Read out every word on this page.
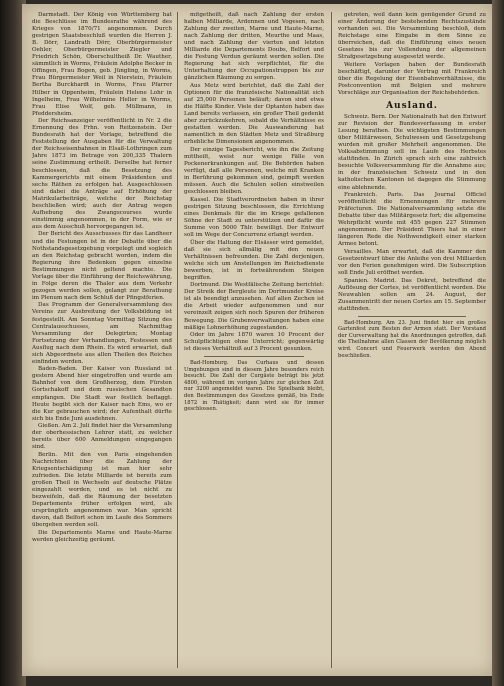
Darmstadt. Der König von Württemberg hat die Beschlüsse im Bundesrathe während des Krieges von 1870/71 angenommen. Durch gestrigen Staatsbeschluß wurden die Herren J. B. Dörr, Landrath Dörr, Oberbürgermeister Oehler, Oberbürgermeister Ziegler und Friedrich Schön, Oberschultheiß Dr. Wauther, sämmtlich in Worms, Fräulein Adolphe Becker in Offingen, Frau Bogen, geb. Jüngling, in Worms, Frau Bürgermeister Weil in Nierstein, Fräulein Bertha Burckhardt in Worms, Frau Pfarrer Hilber in Oppenheim, Fräulein Helene Lohr in Ingelheim, Frau Wilhelmine Heller in Worms, Frau Elise Wolf, geb. Müllmann, in Pfeddersheim.

Der Reichsanzeiger veröffentlicht in Nr. 2 die Ernennung des Frhn. von Reitzenstein. Der Bundesrath hat der Vorlage, betreffend die Feststellung der Ausgaben für die Verwaltung der Reichseisenbahnen in Elsaß-Lothringen zum Jahre 1873 im Betrage von 200,335 Thalern seine Zustimmung ertheilt. Derselbe hat ferner beschlossen, daß die Besetzung des Kammergerichts mit einem Präsidenten und sechs Räthen zu erfolgen hat. Ausgeschlossen sind dabei die Anträge auf Erhöhung der Matrikularbeiträge, welche der Reichstag beschließen wird; auch der Antrag wegen Aufhebung des Zwangscourses wurde einstimmig angenommen, in der Form, wie er aus dem Ausschuß hervorgegangen ist.

Der Bericht des Ausschusses für das Landheer und die Festungen ist in der Debatte über die Nothstandsgesetzgebung vorgelegt und sogleich an den Reichstag gebracht worden, indem die Regierung ihre Bedenken gegen einzelne Bestimmungen nicht geltend machte. Die Vorlage über die Einführung der Reichswährung, in Folge deren die Thaler aus dem Verkehr gezogen werden sollen, gelangt zur Berathung im Plenum nach dem Schluß der Pfingstferien.

Das Programm der Generalversammlung des Vereins zur Ausbreitung der Volksbildung ist festgestellt. Am Sonntag Vormittag Sitzung des Centralausschusses, am Nachmittag Versammlung der Delegirten; Montag Fortsetzung der Verhandlungen, Festessen und Ausflug nach dem Rhein. Es wird erwartet, daß sich Abgeordnete aus allen Theilen des Reiches einfinden werden.

Baden-Baden. Der Kaiser von Russland ist gestern Abend hier eingetroffen und wurde am Bahnhof von dem Großherzog, dem Fürsten Gortschakoff und dem russischen Gesandten empfangen. Die Stadt war festlich beflaggt. Heute begibt sich der Kaiser nach Ems, wo er die Kur gebrauchen wird; der Aufenthalt dürfte sich bis Ende Juni ausdehnen.

Gießen. Am 2. Juli findet hier die Versammlung der oberhessischen Lehrer statt, zu welcher bereits über 600 Anmeldungen eingegangen sind.

Berlin. Mit den von Paris eingehenden Nachrichten über die Zahlung der Kriegsentschädigung ist man hier sehr zufrieden. Die letzte Milliarde ist bereits zum großen Theil in Wechseln auf deutsche Plätze eingezahlt worden, und es ist nicht zu bezweifeln, daß die Räumung der besetzten Departements früher erfolgen wird, als ursprünglich angenommen war. Man spricht davon, daß Belfort schon im Laufe des Sommers übergeben werden soll.

Die Departements Marne und Haute-Marne werden gleichzeitig geräumt.

mitgetheilt, daß nach Zahlung der ersten halben Milliarde, Ardennen und Vogesen, nach Zahlung der zweiten, Marne und Haute-Marne, nach Zahlung der dritten, Meurthe und Maas, und nach Zahlung der vierten und letzten Milliarde die Departements Doubs, Belfort und die Festung Verdun geräumt werden sollen. Die Regierung hat sich verpflichtet, für die Unterhaltung der Occupationstruppen bis zur gänzlichen Räumung zu sorgen.

Aus Metz wird berichtet, daß die Zahl der Optionen für die französische Nationalität sich auf 25,000 Personen beläuft; davon sind etwa die Hälfte Kinder. Viele der Optanten haben das Land bereits verlassen, ein großer Theil gedenkt aber zurückzukehren, sobald die Verhältnisse es gestatten werden. Die Auswanderung hat namentlich in den Städten Metz und Straßburg erhebliche Dimensionen angenommen.

Der einzige Tagesbericht, wie ihn die Zeitung mittheilt, weist nur wenige Fälle von Pockenerkrankungen auf. Die Behörden haben verfügt, daß alle Personen, welche mit Kranken in Berührung gekommen sind, geimpft werden müssen. Auch die Schulen sollen einstweilen geschlossen bleiben.

Kassel. Die Stadtverordneten haben in ihrer gestrigen Sitzung beschlossen, die Errichtung eines Denkmals für die im Kriege gefallenen Söhne der Stadt zu unterstützen und dafür die Summe von 5000 Thlr. bewilligt. Der Entwurf soll im Wege der Concurrenz erlangt werden.

Über die Haltung der Elsässer wird gemeldet, daß sie sich allmälig mit den neuen Verhältnissen befreunden. Die Zahl derjenigen, welche sich um Anstellungen im Reichsdienste bewerben, ist in fortwährendem Steigen begriffen.

Dortmund. Die Westfälische Zeitung berichtet: Der Streik der Bergleute im Dortmunder Kreise ist als beendigt anzusehen. Auf allen Zechen ist die Arbeit wieder aufgenommen und nur vereinzelt zeigen sich noch Spuren der früheren Bewegung. Die Grubenverwaltungen haben eine mäßige Lohnerhöhung zugestanden.

Oder im Jahre 1870 waren 10 Procent der Schulpflichtigen ohne Unterricht; gegenwärtig ist dieses Verhältniß auf 3 Procent gesunken.

Bad-Homburg. Das Curhaus und dessen Umgebungen sind in diesem Jahre besonders reich besucht. Die Zahl der Curgäste beträgt bis jetzt 4800, während im vorigen Jahre zur gleichen Zeit nur 3200 angemeldet waren. Die Spielbank bleibt, den Bestimmungen des Gesetzes gemäß, bis Ende 1872 in Thätigkeit; dann wird sie für immer geschlossen.

getreten, weil dann kein genügender Grund zu einer Änderung der bestehenden Rechtszustände vorhanden sei. Die Versammlung beschloß, dem Reichstage eine Eingabe in dem Sinne zu überreichen, daß die Einführung eines neuen Gesetzes bis zur Vollendung der allgemeinen Strafgesetzgebung ausgesetzt werde.

Weitere Vorlagen haben der Bundesrath beschäftigt, darunter der Vertrag mit Frankreich über die Regelung der Eisenbahnverhältnisse, die Postconvention mit Belgien und mehrere Vorschläge zur Organisation der Reichsbehörden.

Ausland.

Schweiz. Bern. Der Nationalrath hat den Entwurf zur Revision der Bundesverfassung in erster Lesung berathen. Die wichtigsten Bestimmungen über Militärwesen, Schulwesen und Gesetzgebung wurden mit großer Mehrheit angenommen. Die Volksabstimmung soll im Laufe des Herbstes stattfinden. In Zürich sprach sich eine zahlreich besuchte Volksversammlung für die Annahme aus; in der französischen Schweiz und in den katholischen Kantonen ist dagegen die Stimmung eine ablehnende.

Frankreich. Paris. Das Journal Officiel veröffentlicht die Ernennungen für mehrere Präfecturen. Die Nationalversammlung setzte die Debatte über das Militärgesetz fort; die allgemeine Wehrpflicht wurde mit 455 gegen 227 Stimmen angenommen. Der Präsident Thiers hat in einer längeren Rede die Nothwendigkeit einer starken Armee betont.

Versailles. Man erwartet, daß die Kammer den Gesetzentwurf über die Anleihe von drei Milliarden vor den Ferien genehmigen wird. Die Subscription soll Ende Juli eröffnet werden.

Spanien. Madrid. Das Dekret, betreffend die Auflösung der Cortes, ist veröffentlicht worden. Die Neuwahlen sollen am 24. August, der Zusammentritt der neuen Cortes am 15. September stattfinden.

Bad-Homburg. Am 23. Juni findet hier ein großes Gartenfest zum Besten der Armen statt. Der Vorstand der Curverwaltung hat die Anordnungen getroffen, daß die Theilnahme allen Classen der Bevölkerung möglich wird. Concert und Feuerwerk werden den Abend beschließen.
